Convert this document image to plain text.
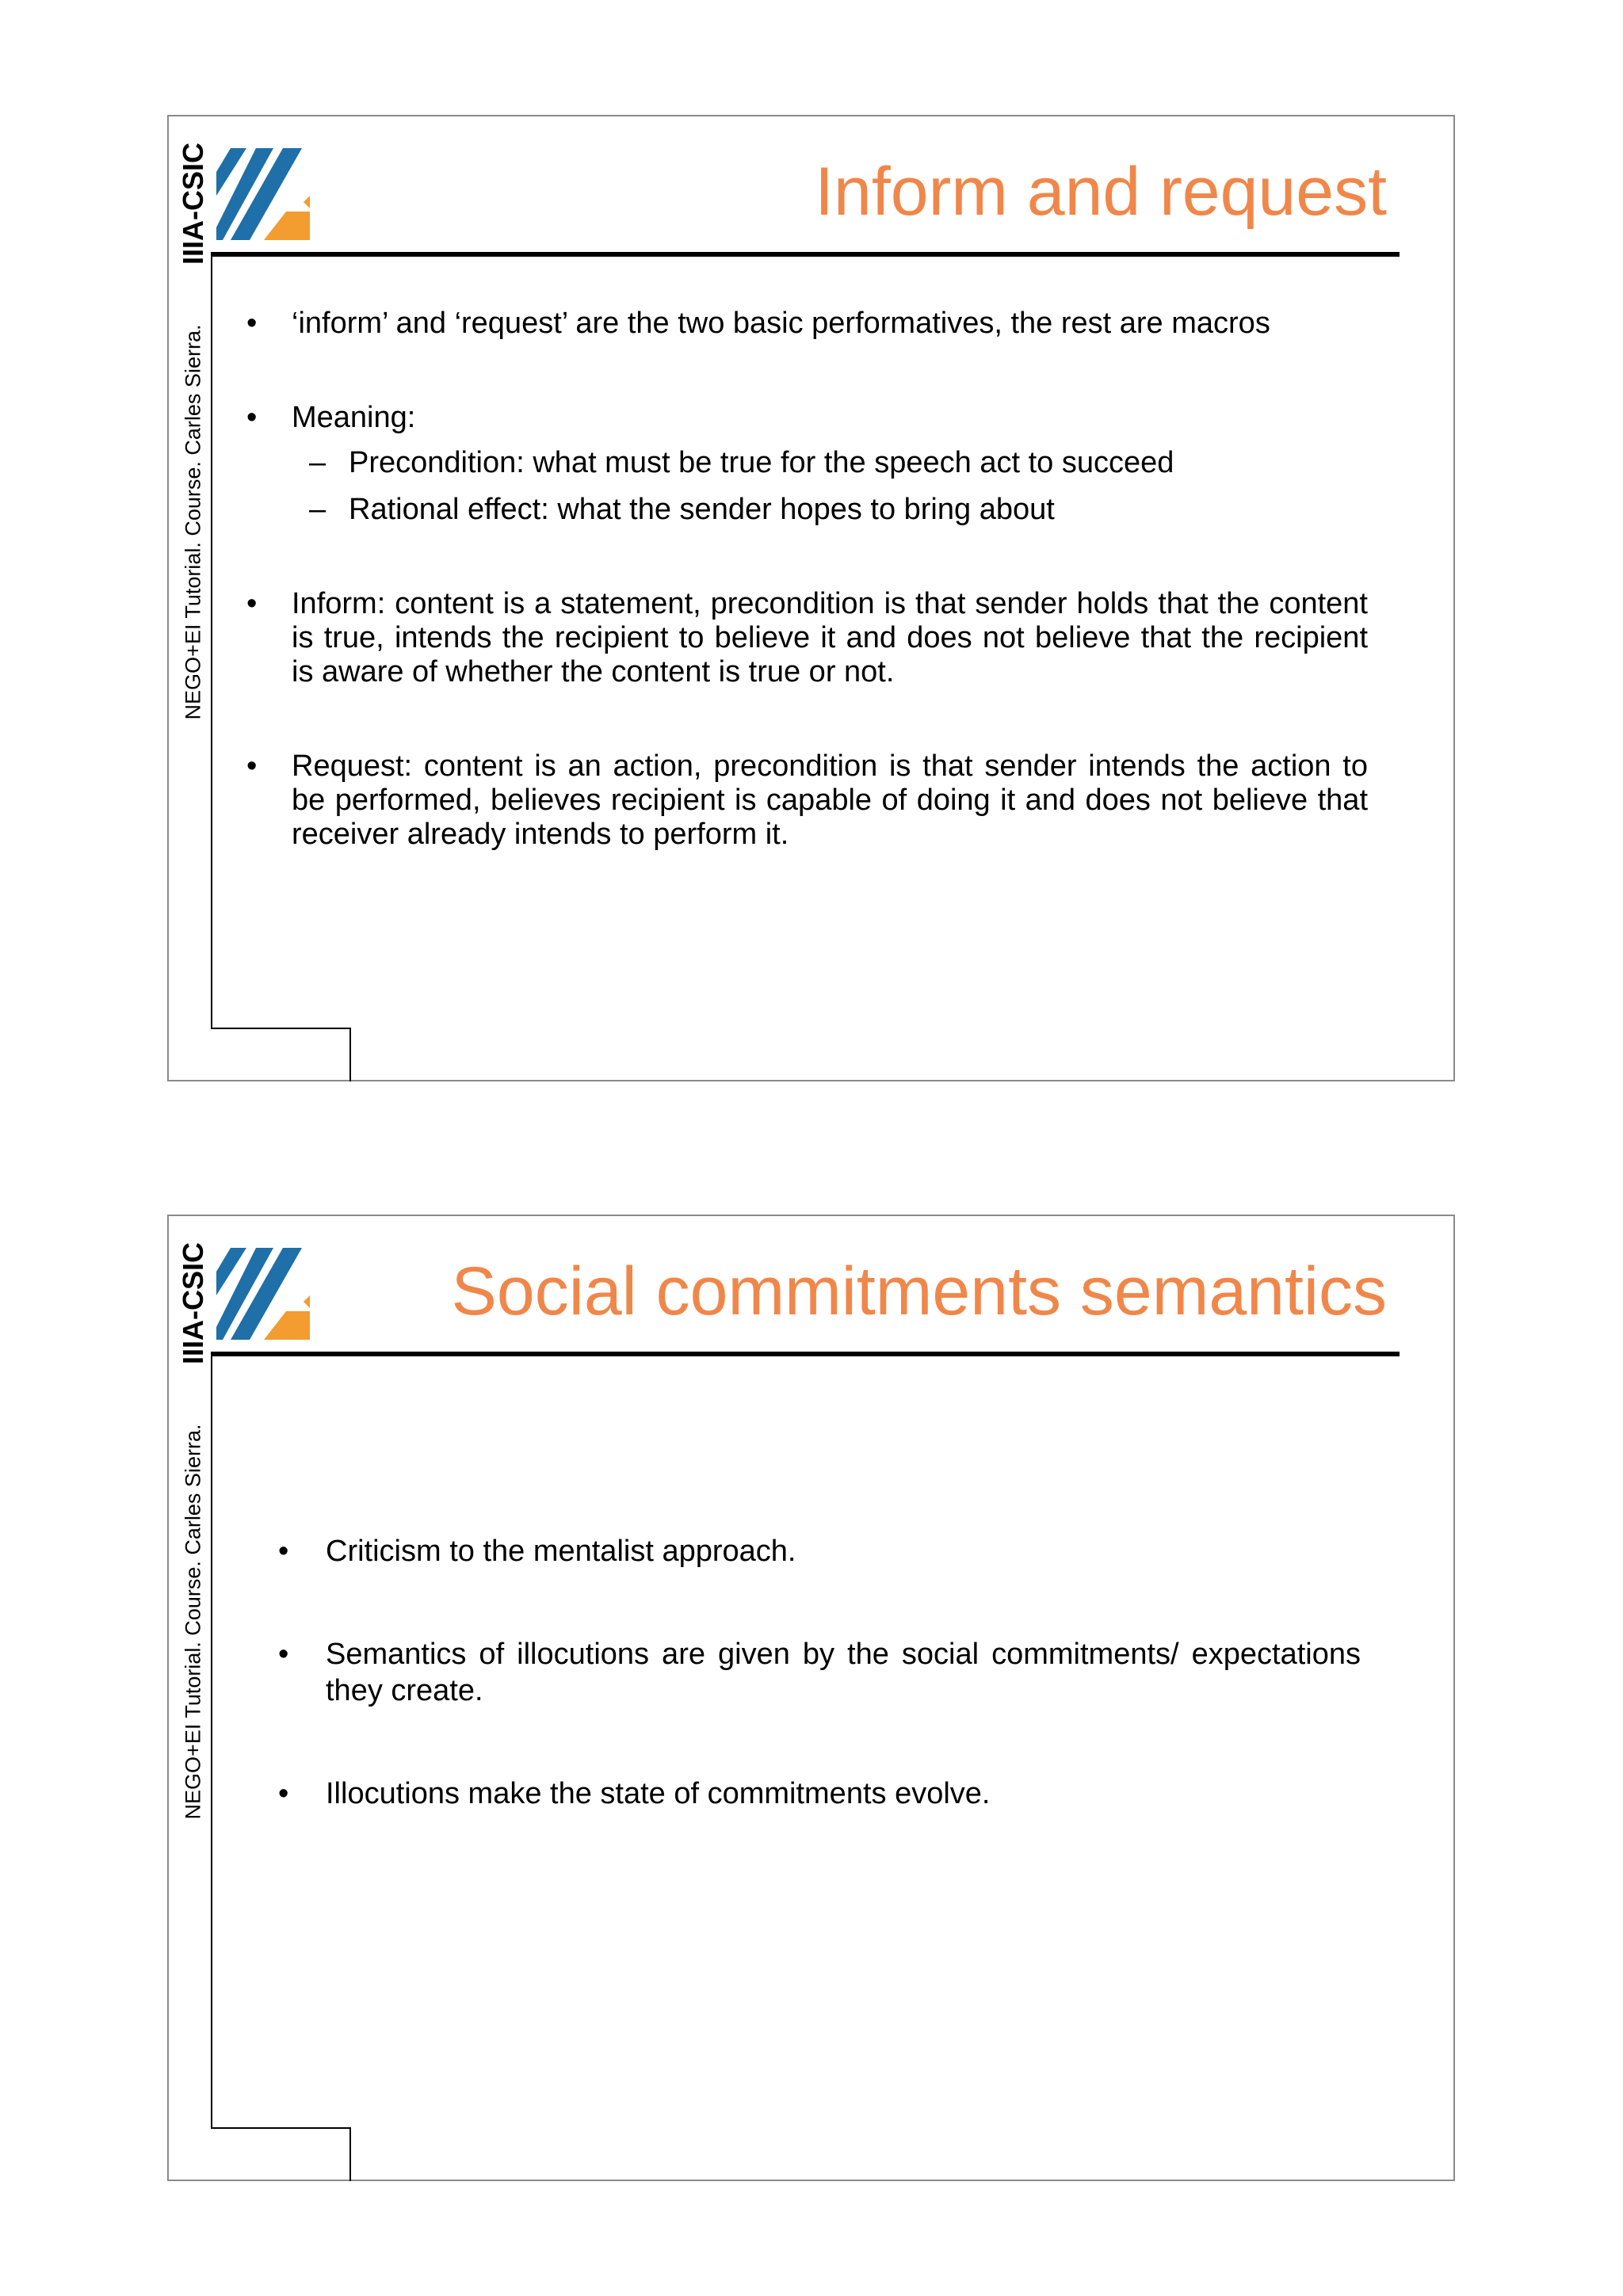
IIIA-CSIC
NEGO+EI Tutorial. Course. Carles Sierra.
Inform and request
• ‘inform’ and ‘request’ are the two basic performatives, the rest are macros
• Meaning:
– Precondition: what must be true for the speech act to succeed
– Rational effect: what the sender hopes to bring about
• Inform: content is a statement, precondition is that sender holds that the content is true, intends the recipient to believe it and does not believe that the recipient is aware of whether the content is true or not.
• Request: content is an action, precondition is that sender intends the action to be performed, believes recipient is capable of doing it and does not believe that receiver already intends to perform it.
IIIA-CSIC
NEGO+EI Tutorial. Course. Carles Sierra.
Social commitments semantics
• Criticism to the mentalist approach.
• Semantics of illocutions are given by the social commitments/ expectations they create.
• Illocutions make the state of commitments evolve.
